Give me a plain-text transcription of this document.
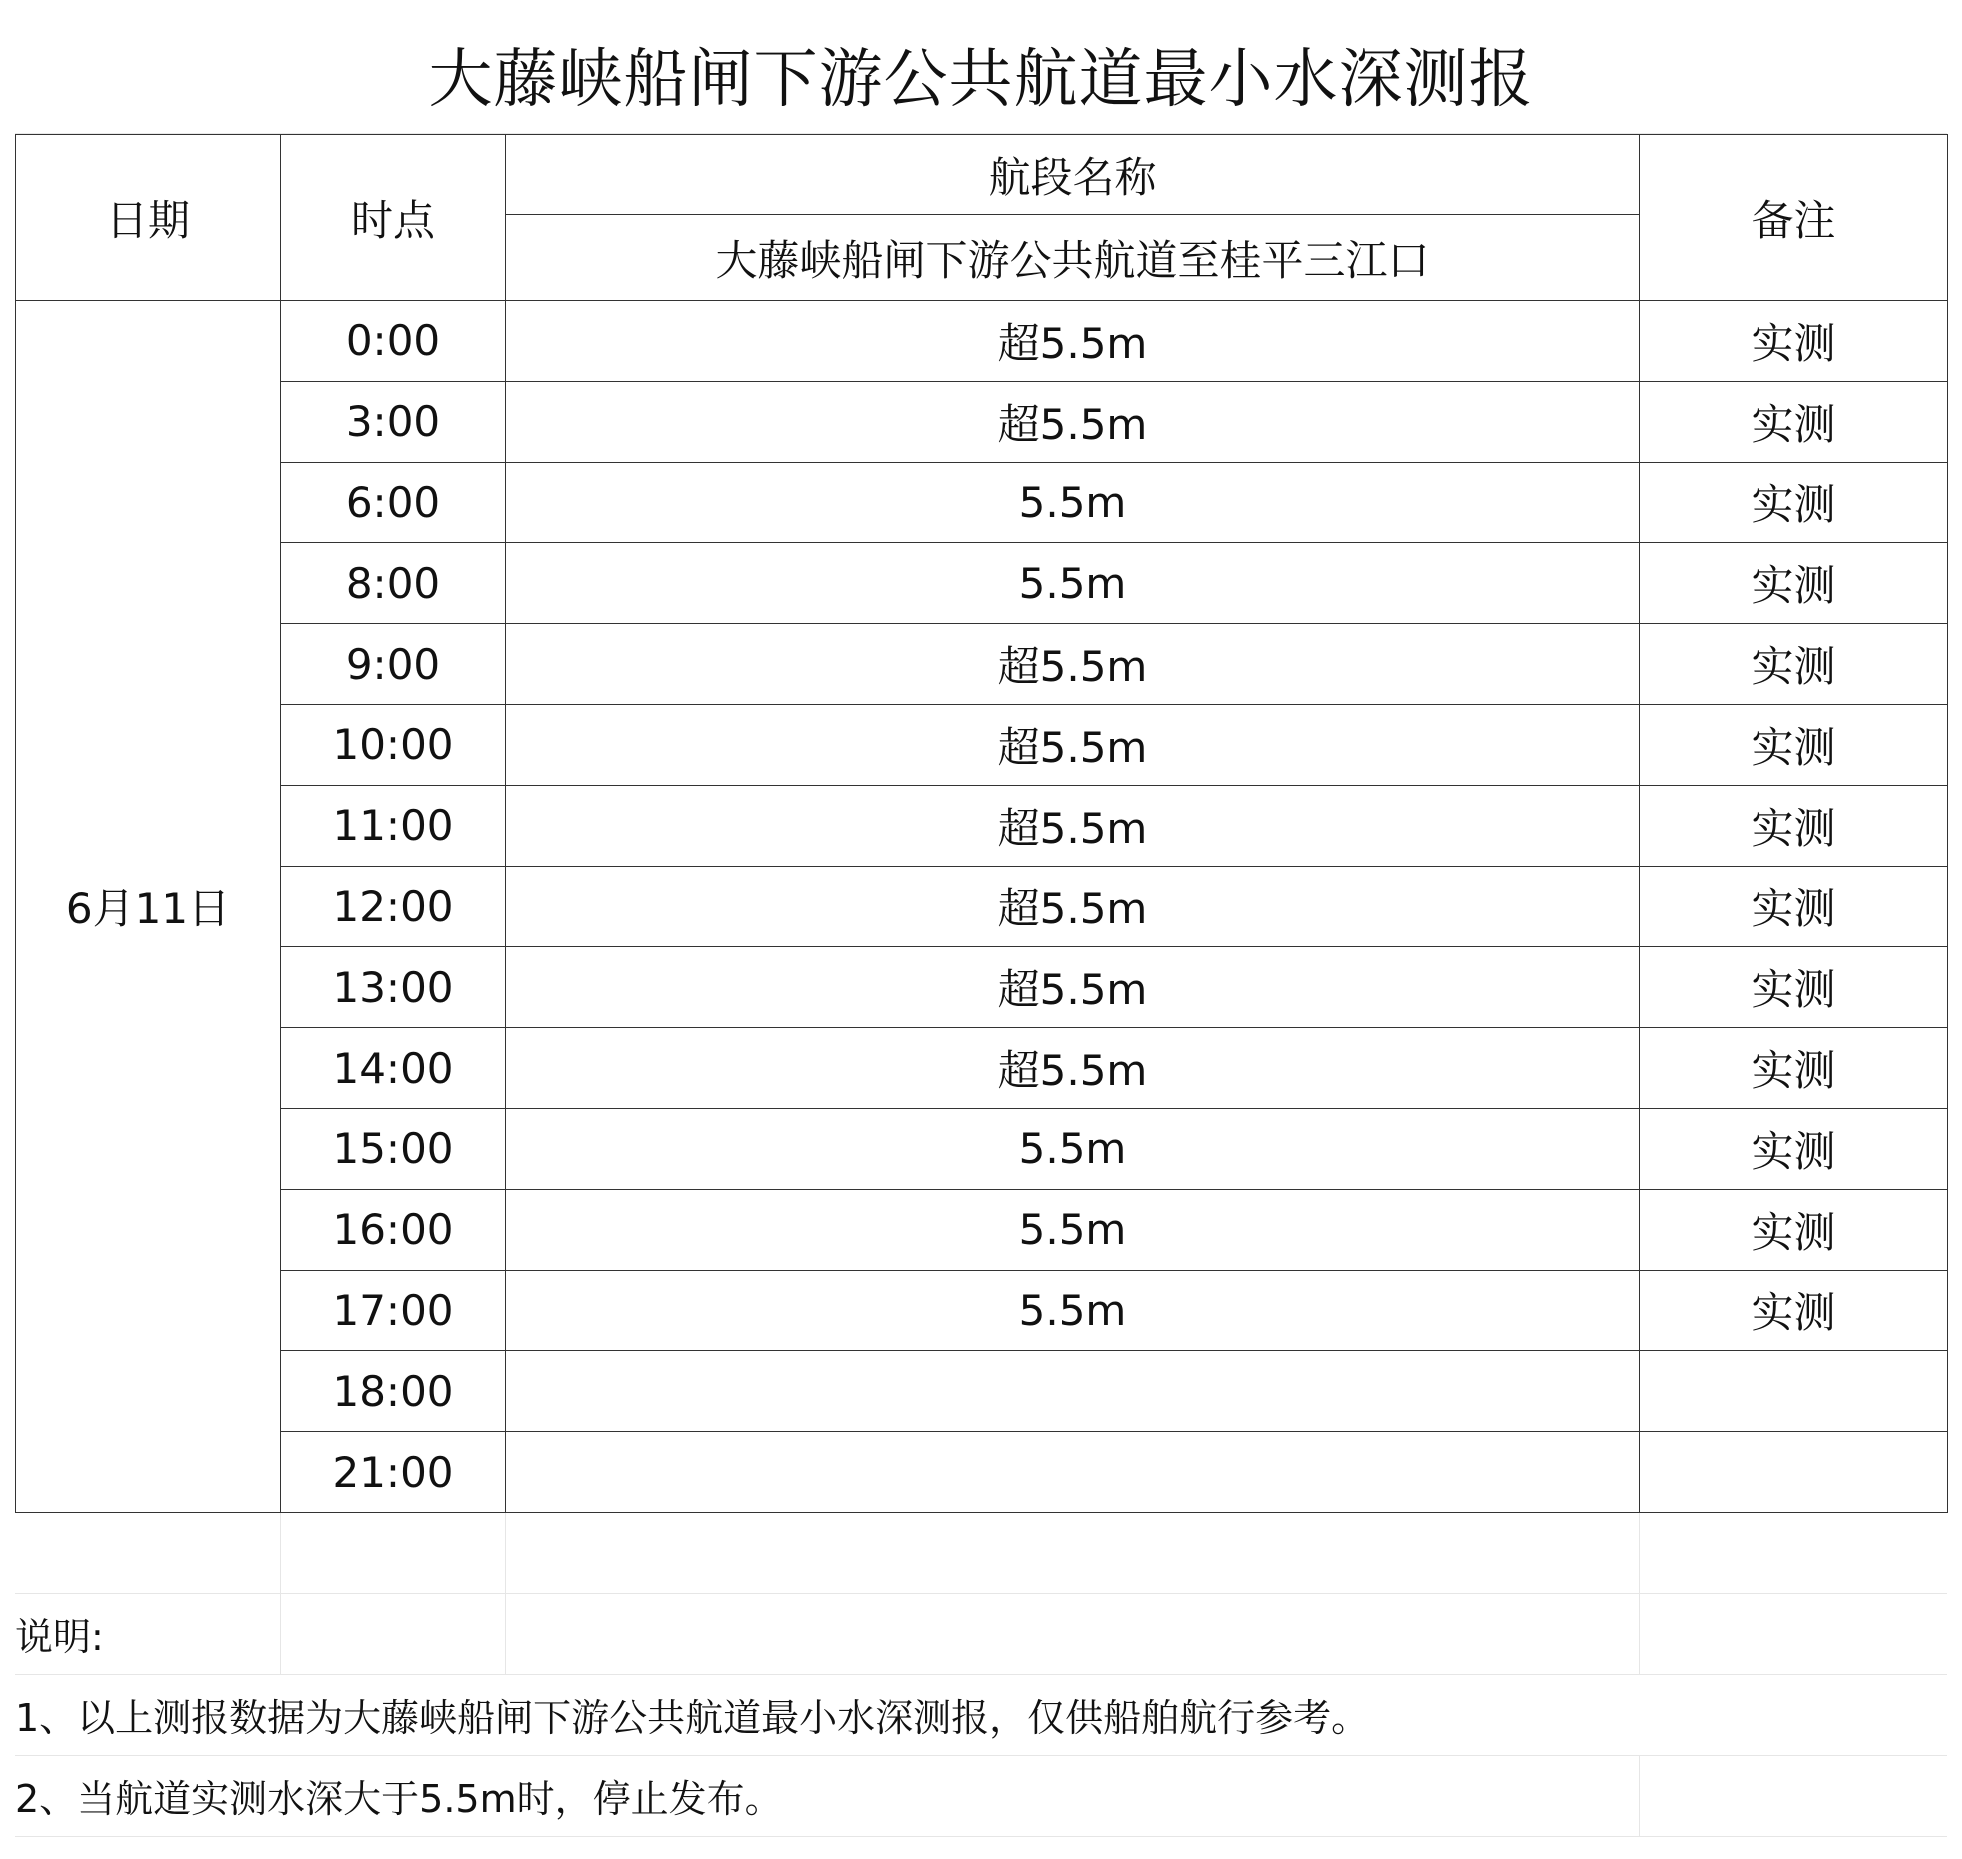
大藤峡船闸下游公共航道最小水深测报
日期	时点	航段名称	备注
		大藤峡船闸下游公共航道至桂平三江口	
6月11日	0:00	超5.5m	实测
	3:00	超5.5m	实测
	6:00	5.5m	实测
	8:00	5.5m	实测
	9:00	超5.5m	实测
	10:00	超5.5m	实测
	11:00	超5.5m	实测
	12:00	超5.5m	实测
	13:00	超5.5m	实测
	14:00	超5.5m	实测
	15:00	5.5m	实测
	16:00	5.5m	实测
	17:00	5.5m	实测
	18:00		
	21:00		
说明:
1、以上测报数据为大藤峡船闸下游公共航道最小水深测报，仅供船舶航行参考。
2、当航道实测水深大于5.5m时，停止发布。
